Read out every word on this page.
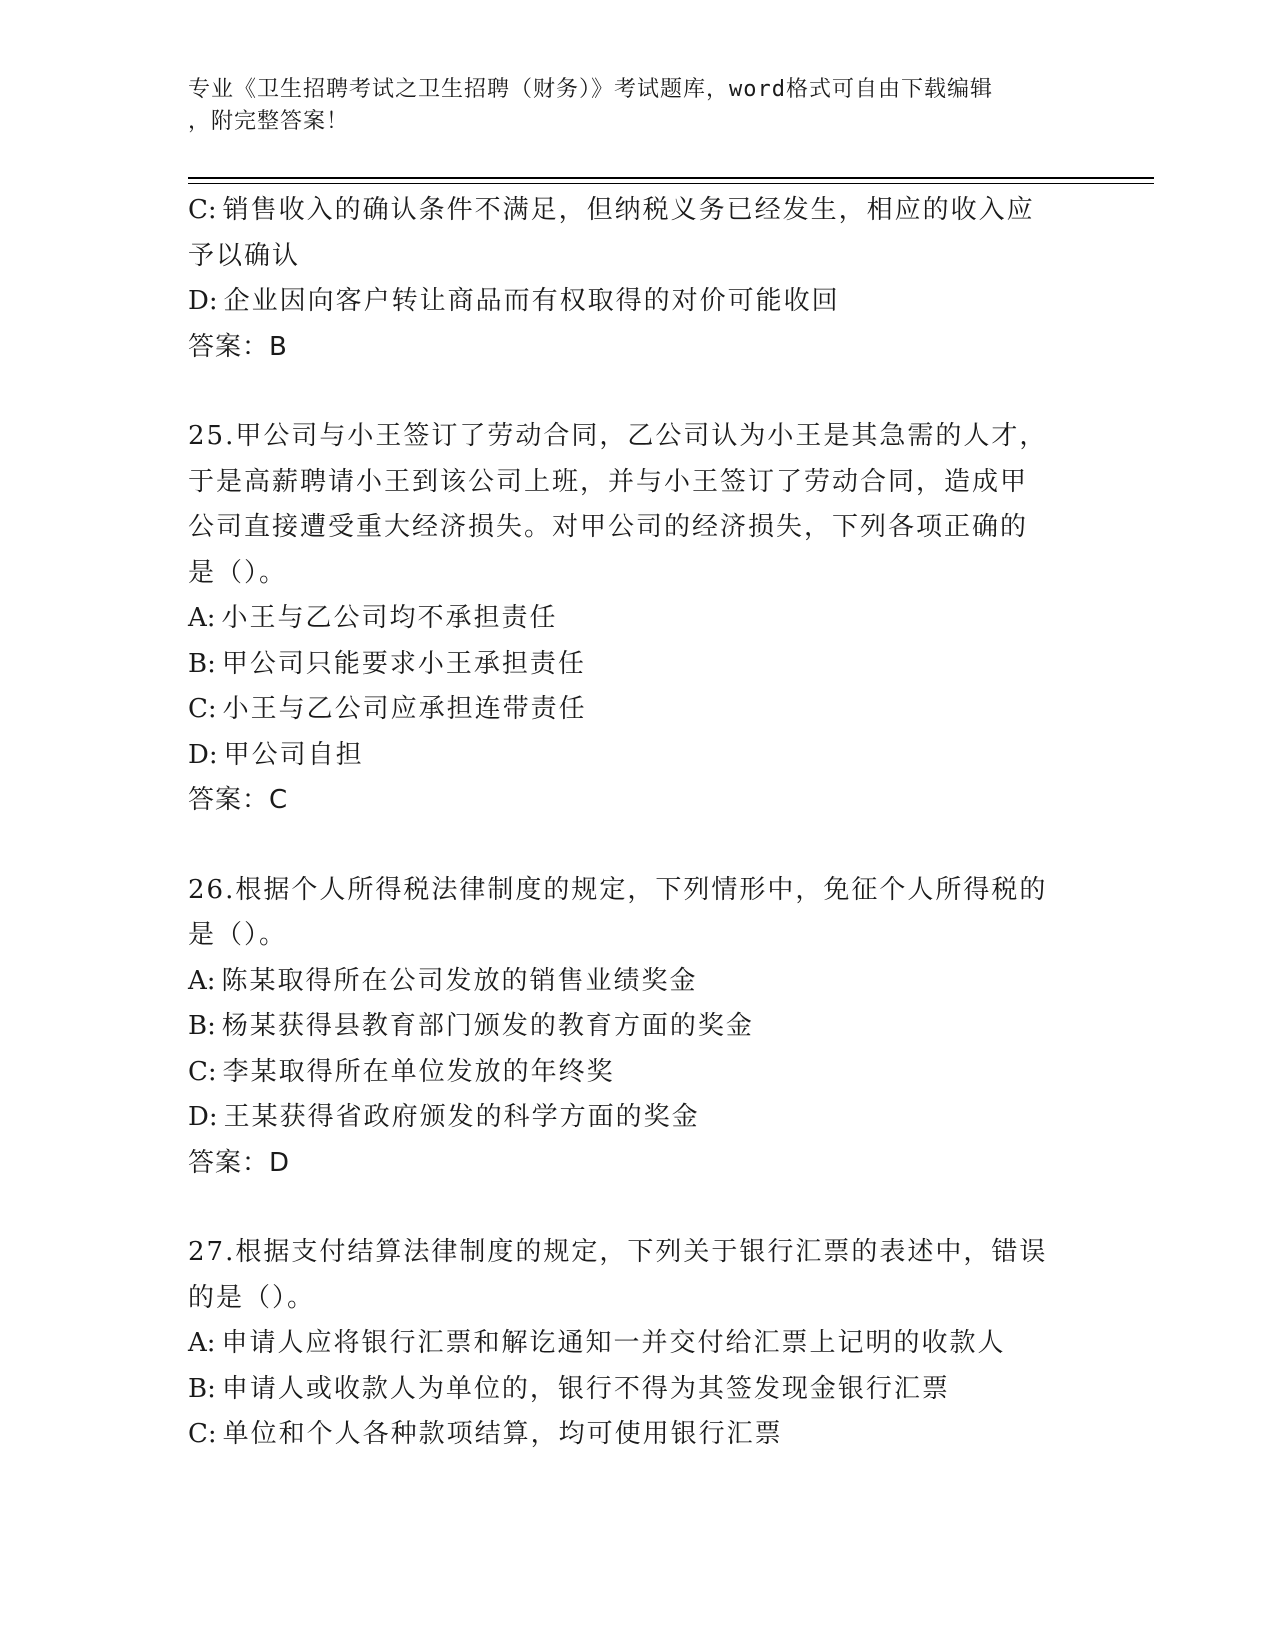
专业《卫生招聘考试之卫生招聘（财务）》考试题库，word格式可自由下载编辑
，附完整答案！
C: 销售收入的确认条件不满足，但纳税义务已经发生，相应的收入应
予以确认
D: 企业因向客户转让商品而有权取得的对价可能收回
答案：B
25.甲公司与小王签订了劳动合同，乙公司认为小王是其急需的人才，
于是高薪聘请小王到该公司上班，并与小王签订了劳动合同，造成甲
公司直接遭受重大经济损失。对甲公司的经济损失，下列各项正确的
是（）。
A: 小王与乙公司均不承担责任
B: 甲公司只能要求小王承担责任
C: 小王与乙公司应承担连带责任
D: 甲公司自担
答案：C
26.根据个人所得税法律制度的规定，下列情形中，免征个人所得税的
是（）。
A: 陈某取得所在公司发放的销售业绩奖金
B: 杨某获得县教育部门颁发的教育方面的奖金
C: 李某取得所在单位发放的年终奖
D: 王某获得省政府颁发的科学方面的奖金
答案：D
27.根据支付结算法律制度的规定，下列关于银行汇票的表述中，错误
的是（）。
A: 申请人应将银行汇票和解讫通知一并交付给汇票上记明的收款人
B: 申请人或收款人为单位的，银行不得为其签发现金银行汇票
C: 单位和个人各种款项结算，均可使用银行汇票
